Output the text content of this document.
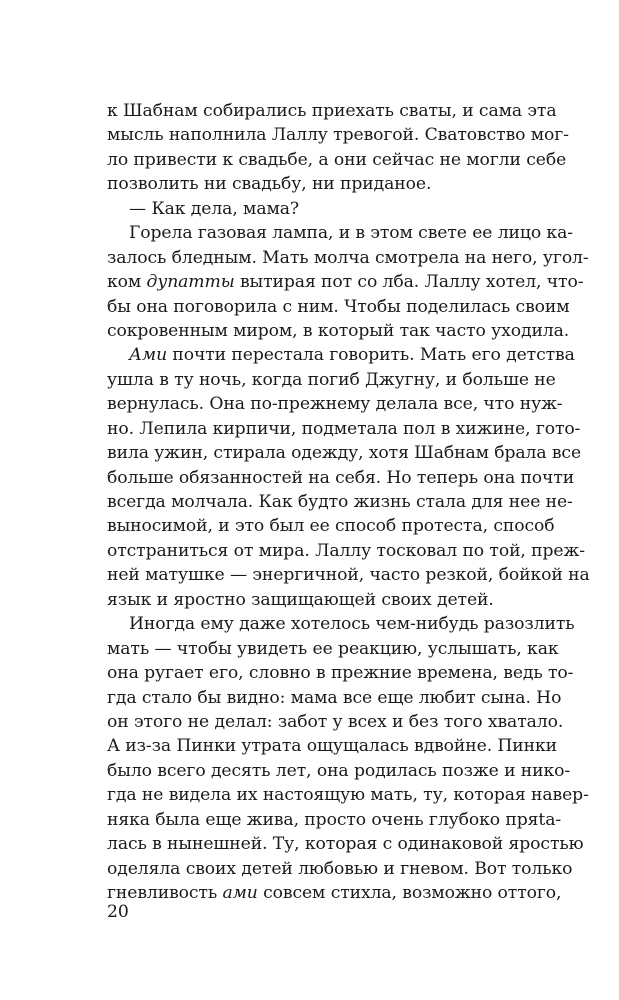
к Шабнам собирались приехать сваты, и сама эта
мысль наполнила Лаллу тревогой. Сватовство мог-
ло привести к свадьбе, а они сейчас не могли себе
позволить ни свадьбу, ни приданое.
— Как дела, мама?
Горела газовая лампа, и в этом свете ее лицо ка-
залось бледным. Мать молча смотрела на него, угол-
ком дупатты вытирая пот со лба. Лаллу хотел, что-
бы она поговорила с ним. Чтобы поделилась своим
сокровенным миром, в который так часто уходила.
Ами почти перестала говорить. Мать его детства
ушла в ту ночь, когда погиб Джугну, и больше не
вернулась. Она по-прежнему делала все, что нуж-
но. Лепила кирпичи, подметала пол в хижине, гото-
вила ужин, стирала одежду, хотя Шабнам брала все
больше обязанностей на себя. Но теперь она почти
всегда молчала. Как будто жизнь стала для нее не-
выносимой, и это был ее способ протеста, способ
отстраниться от мира. Лаллу тосковал по той, преж-
ней матушке — энергичной, часто резкой, бойкой на
язык и яростно защищающей своих детей.
Иногда ему даже хотелось чем-нибудь разозлить
мать — чтобы увидеть ее реакцию, услышать, как
она ругает его, словно в прежние времена, ведь то-
гда стало бы видно: мама все еще любит сына. Но
он этого не делал: забот у всех и без того хватало.
А из-за Пинки утрата ощущалась вдвойне. Пинки
было всего десять лет, она родилась позже и нико-
гда не видела их настоящую мать, ту, которая навер-
няка была еще жива, просто очень глубоко пряta-
лась в нынешней. Ту, которая с одинаковой яростью
оделяла своих детей любовью и гневом. Вот только
гневливость ами совсем стихла, возможно оттого,
20
